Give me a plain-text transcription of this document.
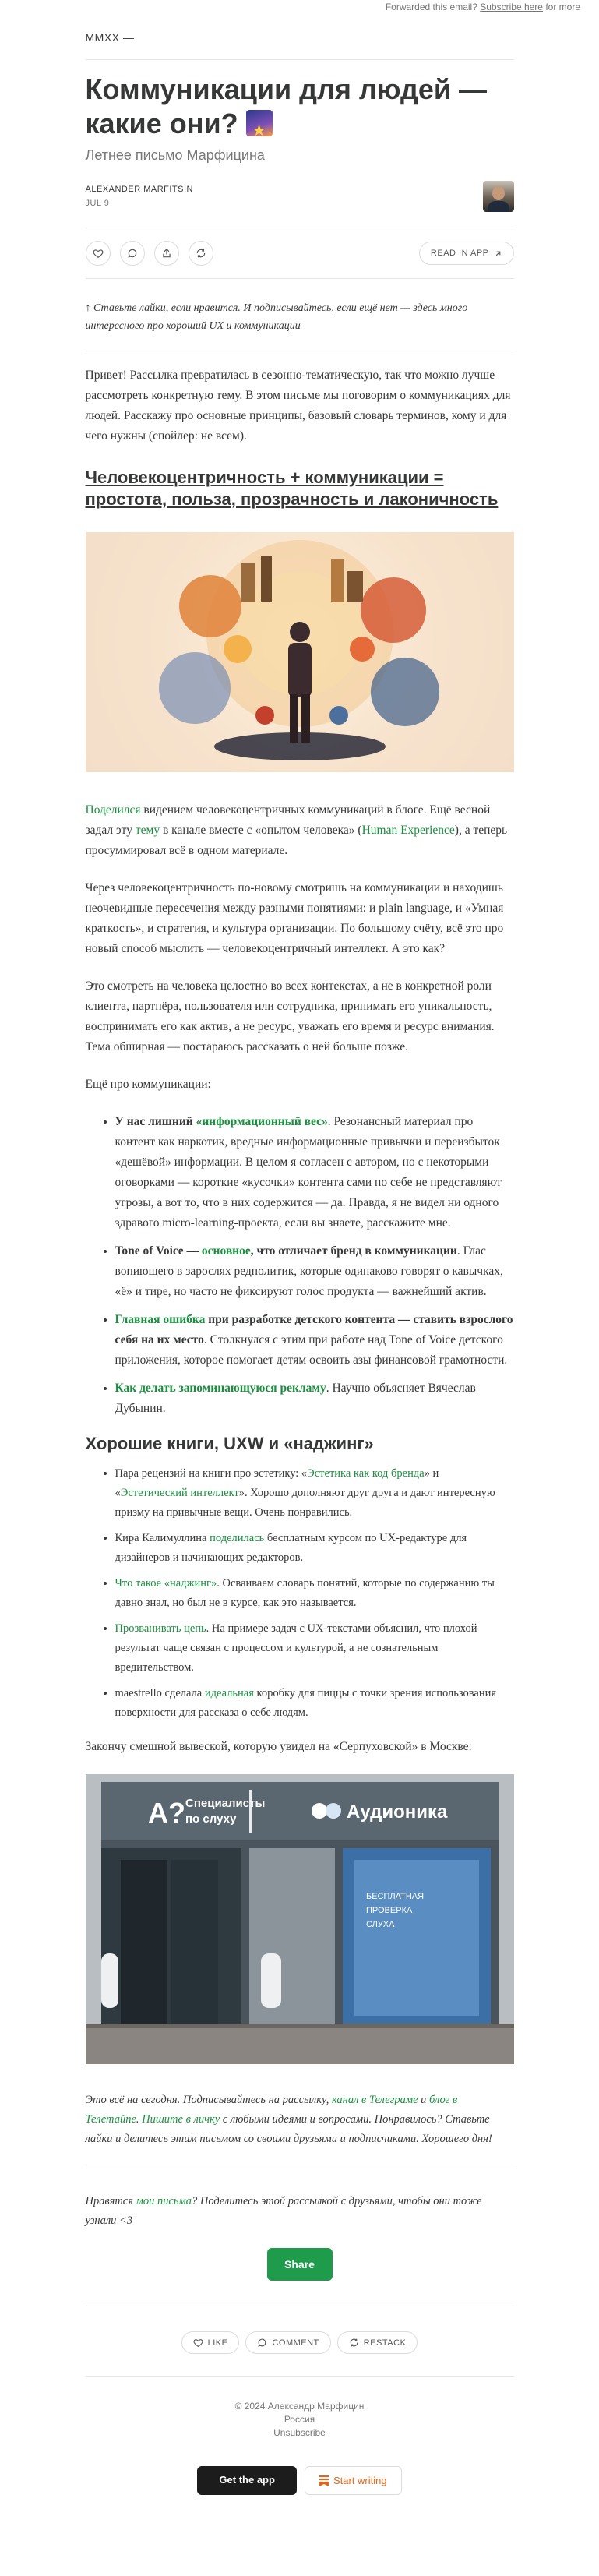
Forwarded this email? Subscribe here for more
MMXX —
Коммуникации для людей — какие они? ★
Летнее письмо Марфицина
ALEXANDER MARFITSIN
JUL 9
READ IN APP
↑ Ставьте лайки, если нравится. И подписывайтесь, если ещё нет — здесь много интересного про хороший UX и коммуникации

Привет! Рассылка превратилась в сезонно-тематическую, так что можно лучше рассмотреть конкретную тему. В этом письме мы поговорим о коммуникациях для людей. Расскажу про основные принципы, базовый словарь терминов, кому и для чего нужны (спойлер: не всем).

Человекоцентричность + коммуникации = простота, польза, прозрачность и лаконичность

Поделился видением человекоцентричных коммуникаций в блоге. Ещё весной задал эту тему в канале вместе с «опытом человека» (Human Experience), а теперь просуммировал всё в одном материале.

Через человекоцентричность по-новому смотришь на коммуникации и находишь неочевидные пересечения между разными понятиями: и plain language, и «Умная краткость», и стратегия, и культура организации. По большому счёту, всё это про новый способ мыслить — человекоцентричный интеллект. А это как?

Это смотреть на человека целостно во всех контекстах, а не в конкретной роли клиента, партнёра, пользователя или сотрудника, принимать его уникальность, воспринимать его как актив, а не ресурс, уважать его время и ресурс внимания. Тема обширная — постараюсь рассказать о ней больше позже.

Ещё про коммуникации:

• У нас лишний «информационный вес». Резонансный материал про контент как наркотик, вредные информационные привычки и переизбыток «дешёвой» информации. В целом я согласен с автором, но с некоторыми оговорками — короткие «кусочки» контента сами по себе не представляют угрозы, а вот то, что в них содержится — да. Правда, я не видел ни одного здравого micro-learning-проекта, если вы знаете, расскажите мне.
• Tone of Voice — основное, что отличает бренд в коммуникации. Глас вопиющего в зарослях редполитик, которые одинаково говорят о кавычках, «ё» и тире, но часто не фиксируют голос продукта — важнейший актив.
• Главная ошибка при разработке детского контента — ставить взрослого себя на их место. Столкнулся с этим при работе над Tone of Voice детского приложения, которое помогает детям освоить азы финансовой грамотности.
• Как делать запоминающуюся рекламу. Научно объясняет Вячеслав Дубынин.
Хорошие книги, UXW и «наджинг»
• Пара рецензий на книги про эстетику: «Эстетика как код бренда» и «Эстетический интеллект». Хорошо дополняют друг друга и дают интересную призму на привычные вещи. Очень понравились.
• Кира Калимуллина поделилась бесплатным курсом по UX-редактуре для дизайнеров и начинающих редакторов.
• Что такое «наджинг». Осваиваем словарь понятий, которые по содержанию ты давно знал, но был не в курсе, как это называется.
• Прозванивать цепь. На примере задач с UX-текстами объяснил, что плохой результат чаще связан с процессом и культурой, а не сознательным вредительством.
• maestrello сделала идеальная коробку для пиццы с точки зрения использования поверхности для рассказа о себе людям.

Закончу смешной вывеской, которую увидел на «Серпуховской» в Москве:

А? Специалисты
по слуху	Аудионика
БЕСПЛАТНАЯ
ПРОВЕРКА
СЛУХА

Это всё на сегодня. Подписывайтесь на рассылку, канал в Телеграме и блог в Телетайпе. Пишите в личку с любыми идеями и вопросами. Понравилось? Ставьте лайки и делитесь этим письмом со своими друзьями и подписчиками. Хорошего дня!

Нравятся мои письма? Поделитесь этой рассылкой с друзьями, чтобы они тоже узнали <3

Share
LIKE	COMMENT	RESTACK
© 2024 Александр Марфицин
Россия
Unsubscribe
Get the app	Start writing
